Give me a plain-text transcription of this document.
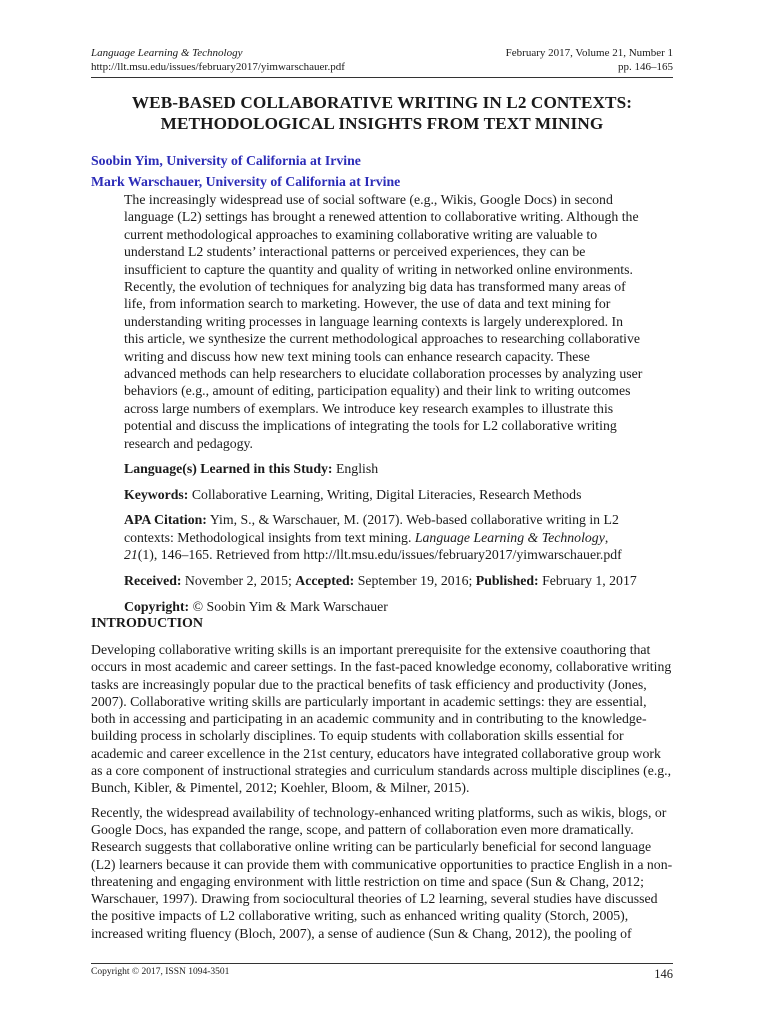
Language Learning & Technology	February 2017, Volume 21, Number 1
http://llt.msu.edu/issues/february2017/yimwarschauer.pdf	pp. 146–165
WEB-BASED COLLABORATIVE WRITING IN L2 CONTEXTS:
METHODOLOGICAL INSIGHTS FROM TEXT MINING
Soobin Yim, University of California at Irvine
Mark Warschauer, University of California at Irvine

The increasingly widespread use of social software (e.g., Wikis, Google Docs) in second language (L2) settings has brought a renewed attention to collaborative writing. Although the current methodological approaches to examining collaborative writing are valuable to understand L2 students’ interactional patterns or perceived experiences, they can be insufficient to capture the quantity and quality of writing in networked online environments. Recently, the evolution of techniques for analyzing big data has transformed many areas of life, from information search to marketing. However, the use of data and text mining for understanding writing processes in language learning contexts is largely underexplored. In this article, we synthesize the current methodological approaches to researching collaborative writing and discuss how new text mining tools can enhance research capacity. These advanced methods can help researchers to elucidate collaboration processes by analyzing user behaviors (e.g., amount of editing, participation equality) and their link to writing outcomes across large numbers of exemplars. We introduce key research examples to illustrate this potential and discuss the implications of integrating the tools for L2 collaborative writing research and pedagogy.

Language(s) Learned in this Study: English

Keywords: Collaborative Learning, Writing, Digital Literacies, Research Methods

APA Citation: Yim, S., & Warschauer, M. (2017). Web-based collaborative writing in L2 contexts: Methodological insights from text mining. Language Learning & Technology, 21(1), 146–165. Retrieved from http://llt.msu.edu/issues/february2017/yimwarschauer.pdf

Received: November 2, 2015; Accepted: September 19, 2016; Published: February 1, 2017

Copyright: © Soobin Yim & Mark Warschauer

INTRODUCTION

Developing collaborative writing skills is an important prerequisite for the extensive coauthoring that occurs in most academic and career settings. In the fast-paced knowledge economy, collaborative writing tasks are increasingly popular due to the practical benefits of task efficiency and productivity (Jones, 2007). Collaborative writing skills are particularly important in academic settings: they are essential, both in accessing and participating in an academic community and in contributing to the knowledge-building process in scholarly disciplines. To equip students with collaboration skills essential for academic and career excellence in the 21st century, educators have integrated collaborative group work as a core component of instructional strategies and curriculum standards across multiple disciplines (e.g., Bunch, Kibler, & Pimentel, 2012; Koehler, Bloom, & Milner, 2015).

Recently, the widespread availability of technology-enhanced writing platforms, such as wikis, blogs, or Google Docs, has expanded the range, scope, and pattern of collaboration even more dramatically. Research suggests that collaborative online writing can be particularly beneficial for second language (L2) learners because it can provide them with communicative opportunities to practice English in a non-threatening and engaging environment with little restriction on time and space (Sun & Chang, 2012; Warschauer, 1997). Drawing from sociocultural theories of L2 learning, several studies have discussed the positive impacts of L2 collaborative writing, such as enhanced writing quality (Storch, 2005), increased writing fluency (Bloch, 2007), a sense of audience (Sun & Chang, 2012), the pooling of

Copyright © 2017, ISSN 1094-3501	146
